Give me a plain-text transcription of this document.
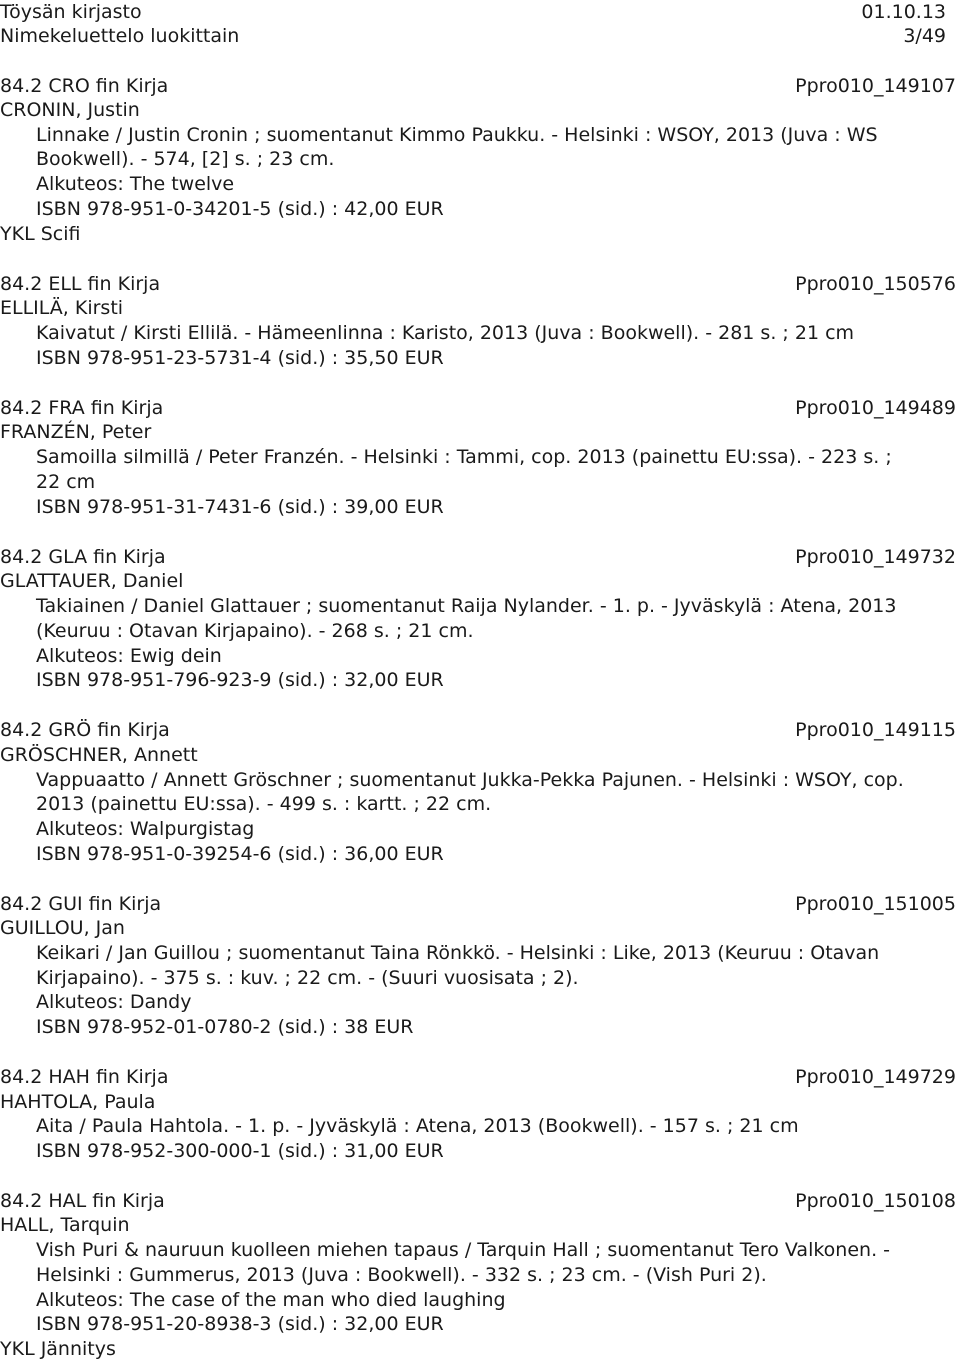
Töysän kirjasto	01.10.13
Nimekeluettelo luokittain	3/49
84.2 CRO fin Kirja	Ppro010_149107
CRONIN, Justin
Linnake / Justin Cronin ; suomentanut Kimmo Paukku. - Helsinki : WSOY, 2013 (Juva : WS
Bookwell). - 574, [2] s. ; 23 cm.
Alkuteos: The twelve
ISBN 978-951-0-34201-5 (sid.) : 42,00 EUR
YKL Scifi
84.2 ELL fin Kirja	Ppro010_150576
ELLILÄ, Kirsti
Kaivatut / Kirsti Ellilä. - Hämeenlinna : Karisto, 2013 (Juva : Bookwell). - 281 s. ; 21 cm
ISBN 978-951-23-5731-4 (sid.) : 35,50 EUR
84.2 FRA fin Kirja	Ppro010_149489
FRANZÉN, Peter
Samoilla silmillä / Peter Franzén. - Helsinki : Tammi, cop. 2013 (painettu EU:ssa). - 223 s. ;
22 cm
ISBN 978-951-31-7431-6 (sid.) : 39,00 EUR
84.2 GLA fin Kirja	Ppro010_149732
GLATTAUER, Daniel
Takiainen / Daniel Glattauer ; suomentanut Raija Nylander. - 1. p. - Jyväskylä : Atena, 2013
(Keuruu : Otavan Kirjapaino). - 268 s. ; 21 cm.
Alkuteos: Ewig dein
ISBN 978-951-796-923-9 (sid.) : 32,00 EUR
84.2 GRÖ fin Kirja	Ppro010_149115
GRÖSCHNER, Annett
Vappuaatto / Annett Gröschner ; suomentanut Jukka-Pekka Pajunen. - Helsinki : WSOY, cop.
2013 (painettu EU:ssa). - 499 s. : kartt. ; 22 cm.
Alkuteos: Walpurgistag
ISBN 978-951-0-39254-6 (sid.) : 36,00 EUR
84.2 GUI fin Kirja	Ppro010_151005
GUILLOU, Jan
Keikari / Jan Guillou ; suomentanut Taina Rönkkö. - Helsinki : Like, 2013 (Keuruu : Otavan
Kirjapaino). - 375 s. : kuv. ; 22 cm. - (Suuri vuosisata ; 2).
Alkuteos: Dandy
ISBN 978-952-01-0780-2 (sid.) : 38 EUR
84.2 HAH fin Kirja	Ppro010_149729
HAHTOLA, Paula
Aita / Paula Hahtola. - 1. p. - Jyväskylä : Atena, 2013 (Bookwell). - 157 s. ; 21 cm
ISBN 978-952-300-000-1 (sid.) : 31,00 EUR
84.2 HAL fin Kirja	Ppro010_150108
HALL, Tarquin
Vish Puri & nauruun kuolleen miehen tapaus / Tarquin Hall ; suomentanut Tero Valkonen. -
Helsinki : Gummerus, 2013 (Juva : Bookwell). - 332 s. ; 23 cm. - (Vish Puri 2).
Alkuteos: The case of the man who died laughing
ISBN 978-951-20-8938-3 (sid.) : 32,00 EUR
YKL Jännitys
